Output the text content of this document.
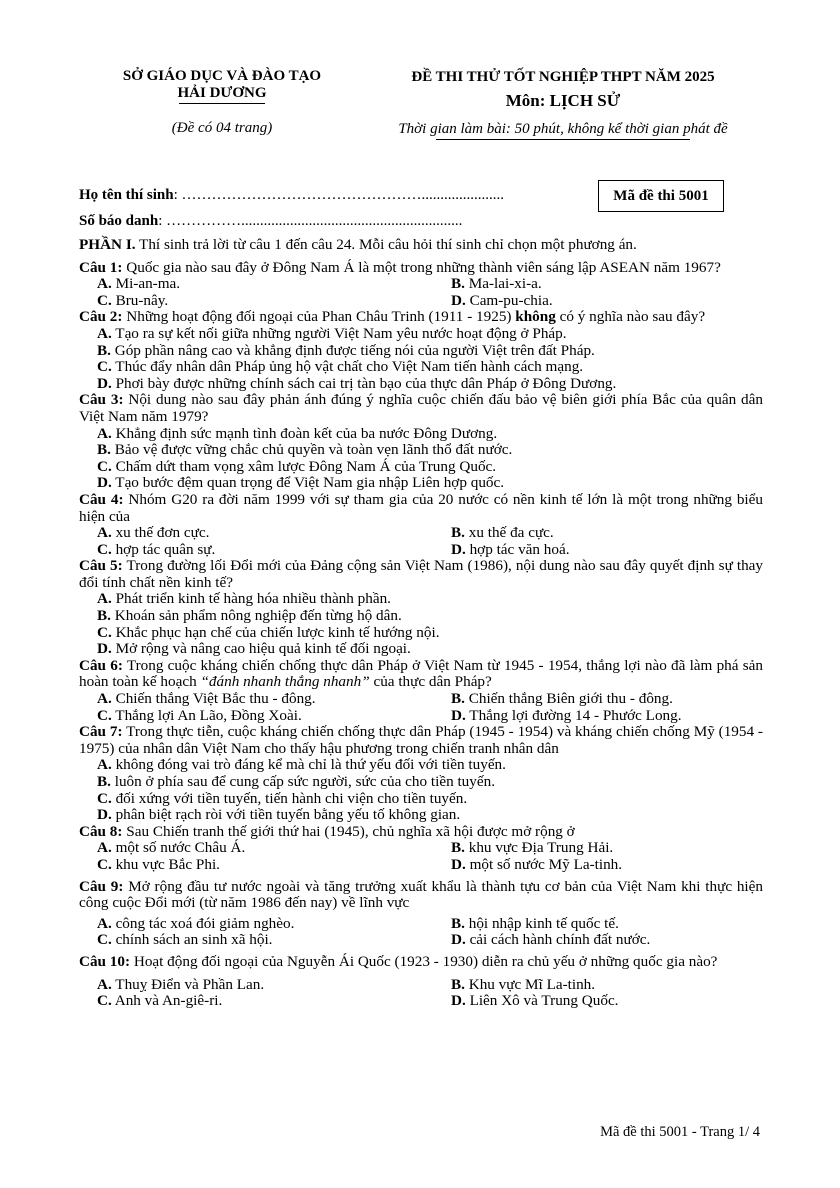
SỞ GIÁO DỤC VÀ ĐÀO TẠO
HẢI DƯƠNG
(Đề có 04 trang)
ĐỀ THI THỬ TỐT NGHIỆP THPT NĂM 2025
Môn: LỊCH SỬ
Thời gian làm bài: 50 phút, không kể thời gian phát đề
Họ tên thí sinh: …………………………………………......................
Số báo danh: ……………...........................................................
Mã đề thi 5001
PHẦN I. Thí sinh trả lời từ câu 1 đến câu 24. Mỗi câu hỏi thí sinh chỉ chọn một phương án.
Câu 1: Quốc gia nào sau đây ở Đông Nam Á là một trong những thành viên sáng lập ASEAN năm 1967?
A. Mi-an-ma.	B. Ma-lai-xi-a.
C. Bru-nây.	D. Cam-pu-chia.
Câu 2: Những hoạt động đối ngoại của Phan Châu Trinh (1911 - 1925) không có ý nghĩa nào sau đây?
A. Tạo ra sự kết nối giữa những người Việt Nam yêu nước hoạt động ở Pháp.
B. Góp phần nâng cao và khẳng định được tiếng nói của người Việt trên đất Pháp.
C. Thúc đẩy nhân dân Pháp ủng hộ vật chất cho Việt Nam tiến hành cách mạng.
D. Phơi bày được những chính sách cai trị tàn bạo của thực dân Pháp ở Đông Dương.
Câu 3: Nội dung nào sau đây phản ánh đúng ý nghĩa cuộc chiến đấu bảo vệ biên giới phía Bắc của quân dân Việt Nam năm 1979?
A. Khẳng định sức mạnh tình đoàn kết của ba nước Đông Dương.
B. Bảo vệ được vững chắc chủ quyền và toàn vẹn lãnh thổ đất nước.
C. Chấm dứt tham vọng xâm lược Đông Nam Á của Trung Quốc.
D. Tạo bước đệm quan trọng để Việt Nam gia nhập Liên hợp quốc.
Câu 4: Nhóm G20 ra đời năm 1999 với sự tham gia của 20 nước có nền kinh tế lớn là một trong những biểu hiện của
A. xu thế đơn cực.	B. xu thế đa cực.
C. hợp tác quân sự.	D. hợp tác văn hoá.
Câu 5: Trong đường lối Đổi mới của Đảng cộng sản Việt Nam (1986), nội dung nào sau đây quyết định sự thay đổi tính chất nền kinh tế?
A. Phát triển kinh tế hàng hóa nhiều thành phần.
B. Khoán sản phẩm nông nghiệp đến từng hộ dân.
C. Khắc phục hạn chế của chiến lược kinh tế hướng nội.
D. Mở rộng và nâng cao hiệu quả kinh tế đối ngoại.
Câu 6: Trong cuộc kháng chiến chống thực dân Pháp ở Việt Nam từ 1945 - 1954, thắng lợi nào đã làm phá sản hoàn toàn kế hoạch “đánh nhanh thắng nhanh” của thực dân Pháp?
A. Chiến thắng Việt Bắc thu - đông.	B. Chiến thắng Biên giới thu - đông.
C. Thắng lợi An Lão, Đồng Xoài.	D. Thắng lợi đường 14 - Phước Long.
Câu 7: Trong thực tiễn, cuộc kháng chiến chống thực dân Pháp (1945 - 1954) và kháng chiến chống Mỹ (1954 - 1975) của nhân dân Việt Nam cho thấy hậu phương trong chiến tranh nhân dân
A. không đóng vai trò đáng kể mà chỉ là thứ yếu đối với tiền tuyến.
B. luôn ở phía sau để cung cấp sức người, sức của cho tiền tuyến.
C. đối xứng với tiền tuyến, tiến hành chi viện cho tiền tuyến.
D. phân biệt rạch ròi với tiền tuyến bằng yếu tố không gian.
Câu 8: Sau Chiến tranh thế giới thứ hai (1945), chủ nghĩa xã hội được mở rộng ở
A. một số nước Châu Á.	B. khu vực Địa Trung Hải.
C. khu vực Bắc Phi.	D. một số nước Mỹ La-tinh.
Câu 9: Mở rộng đầu tư nước ngoài và tăng trưởng xuất khẩu là thành tựu cơ bản của Việt Nam khi thực hiện công cuộc Đổi mới (từ năm 1986 đến nay) về lĩnh vực
A. công tác xoá đói giảm nghèo.	B. hội nhập kinh tế quốc tế.
C. chính sách an sinh xã hội.	D. cải cách hành chính đất nước.
Câu 10: Hoạt động đối ngoại của Nguyễn Ái Quốc (1923 - 1930) diễn ra chủ yếu ở những quốc gia nào?
A. Thuỵ Điển và Phần Lan.	B. Khu vực Mĩ La-tinh.
C. Anh và An-giê-ri.	D. Liên Xô và Trung Quốc.
Mã đề thi 5001 - Trang 1/ 4
